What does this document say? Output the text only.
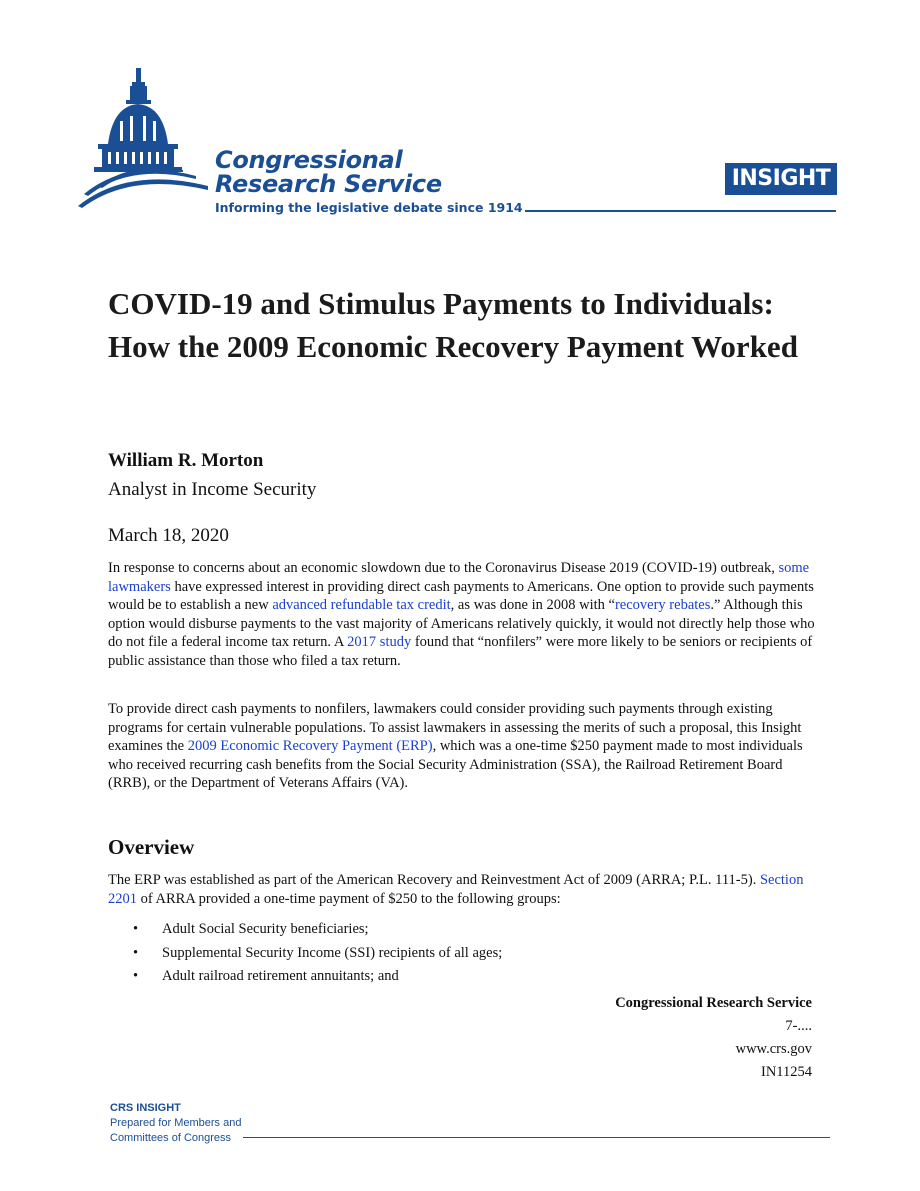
Congressional
Research Service
Informing the legislative debate since 1914
INSIGHT
COVID-19 and Stimulus Payments to Individuals: How the 2009 Economic Recovery Payment Worked
William R. Morton
Analyst in Income Security
March 18, 2020

In response to concerns about an economic slowdown due to the Coronavirus Disease 2019 (COVID-19) outbreak, some lawmakers have expressed interest in providing direct cash payments to Americans. One option to provide such payments would be to establish a new advanced refundable tax credit, as was done in 2008 with “recovery rebates.” Although this option would disburse payments to the vast majority of Americans relatively quickly, it would not directly help those who do not file a federal income tax return. A 2017 study found that “nonfilers” were more likely to be seniors or recipients of public assistance than those who filed a tax return.

To provide direct cash payments to nonfilers, lawmakers could consider providing such payments through existing programs for certain vulnerable populations. To assist lawmakers in assessing the merits of such a proposal, this Insight examines the 2009 Economic Recovery Payment (ERP), which was a one-time $250 payment made to most individuals who received recurring cash benefits from the Social Security Administration (SSA), the Railroad Retirement Board (RRB), or the Department of Veterans Affairs (VA).

Overview

The ERP was established as part of the American Recovery and Reinvestment Act of 2009 (ARRA; P.L. 111-5). Section 2201 of ARRA provided a one-time payment of $250 to the following groups:

• Adult Social Security beneficiaries;
• Supplemental Security Income (SSI) recipients of all ages;
• Adult railroad retirement annuitants; and
Congressional Research Service
7-....
www.crs.gov
IN11254
CRS INSIGHT
Prepared for Members and
Committees of Congress
